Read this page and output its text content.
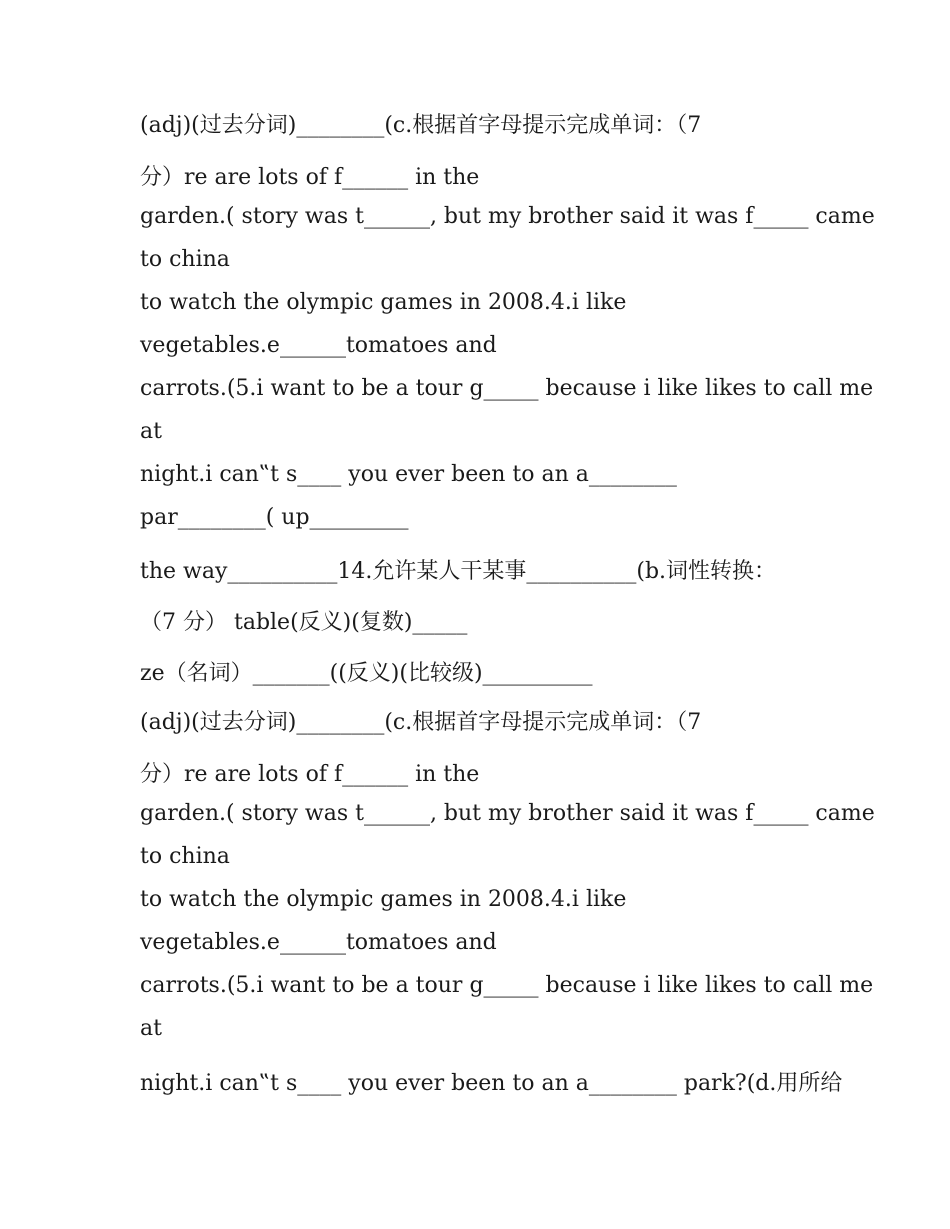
(adj)(过去分词)________(c.根据首字母提示完成单词：（7
分）re are lots of f______ in the
garden.( story was t______, but my brother said it was f_____ came
to china
to watch the olympic games in 2008.4.i like
vegetables.e______tomatoes and
carrots.(5.i want to be a tour g_____ because i like likes to call me
at
night.i can‟t s____ you ever been to an a________
par________( up_________
the way__________14.允许某人干某事__________(b.词性转换：
（7 分） table(反义)(复数)_____
ze（名词）_______((反义)(比较级)__________
(adj)(过去分词)________(c.根据首字母提示完成单词：（7
分）re are lots of f______ in the
garden.( story was t______, but my brother said it was f_____ came
to china
to watch the olympic games in 2008.4.i like
vegetables.e______tomatoes and
carrots.(5.i want to be a tour g_____ because i like likes to call me
at
night.i can‟t s____ you ever been to an a________ park?(d.用所给
